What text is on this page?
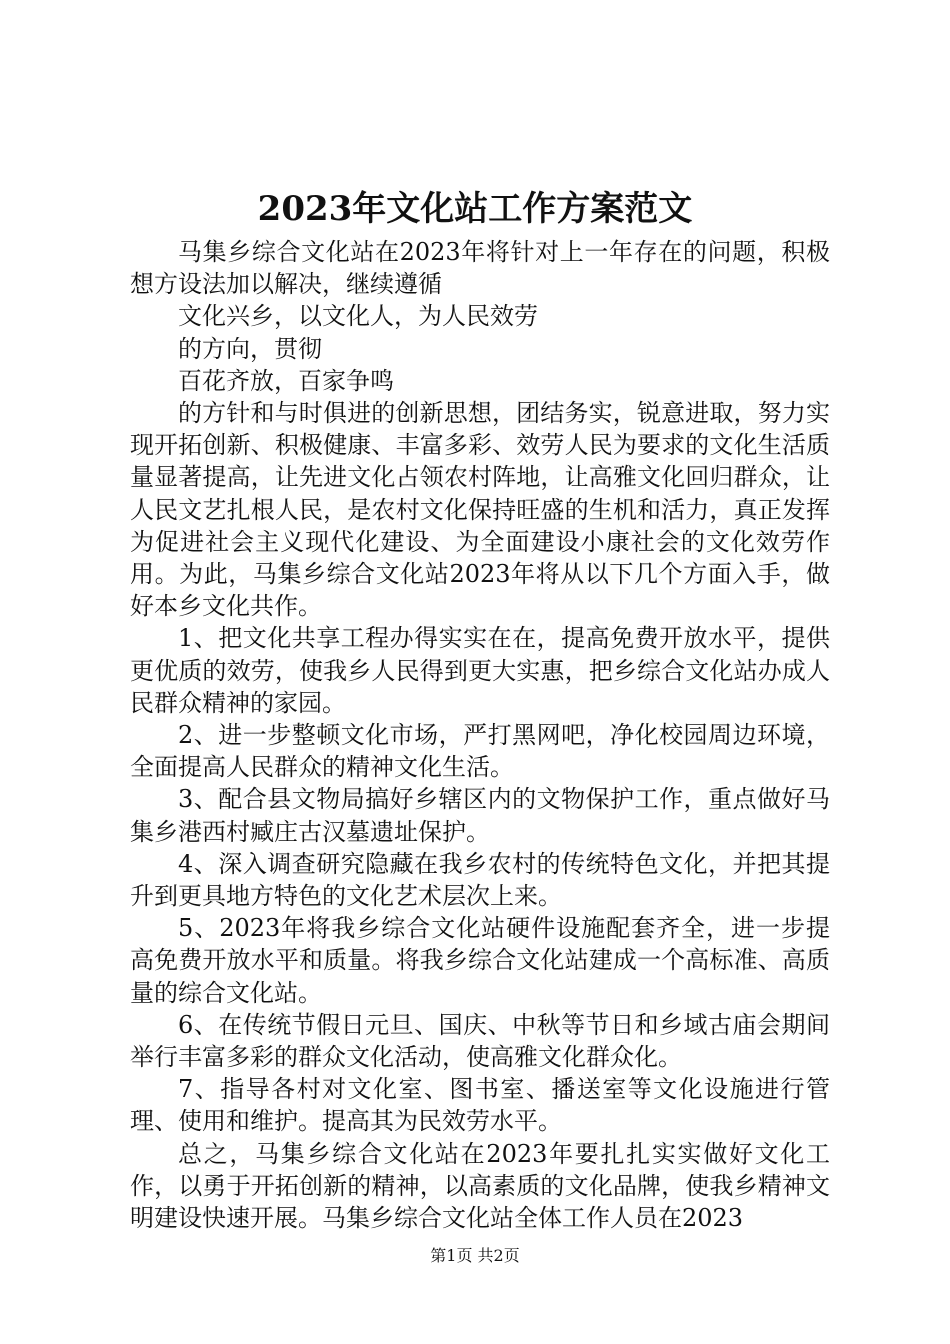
2023年文化站工作方案范文

马集乡综合文化站在2023年将针对上一年存在的问题，积极想方设法加以解决，继续遵循

文化兴乡，以文化人，为人民效劳

的方向，贯彻

百花齐放，百家争鸣

的方针和与时俱进的创新思想，团结务实，锐意进取，努力实现开拓创新、积极健康、丰富多彩、效劳人民为要求的文化生活质量显著提高，让先进文化占领农村阵地，让高雅文化回归群众，让人民文艺扎根人民，是农村文化保持旺盛的生机和活力，真正发挥为促进社会主义现代化建设、为全面建设小康社会的文化效劳作用。为此，马集乡综合文化站2023年将从以下几个方面入手，做好本乡文化共作。

1、把文化共享工程办得实实在在，提高免费开放水平，提供更优质的效劳，使我乡人民得到更大实惠，把乡综合文化站办成人民群众精神的家园。

2、进一步整顿文化市场，严打黑网吧，净化校园周边环境，全面提高人民群众的精神文化生活。

3、配合县文物局搞好乡辖区内的文物保护工作，重点做好马集乡港西村臧庄古汉墓遗址保护。

4、深入调查研究隐藏在我乡农村的传统特色文化，并把其提升到更具地方特色的文化艺术层次上来。

5、2023年将我乡综合文化站硬件设施配套齐全，进一步提高免费开放水平和质量。将我乡综合文化站建成一个高标准、高质量的综合文化站。

6、在传统节假日元旦、国庆、中秋等节日和乡域古庙会期间举行丰富多彩的群众文化活动，使高雅文化群众化。

7、指导各村对文化室、图书室、播送室等文化设施进行管理、使用和维护。提高其为民效劳水平。

总之，马集乡综合文化站在2023年要扎扎实实做好文化工作，以勇于开拓创新的精神，以高素质的文化品牌，使我乡精神文明建设快速开展。马集乡综合文化站全体工作人员在2023

第1页 共2页
